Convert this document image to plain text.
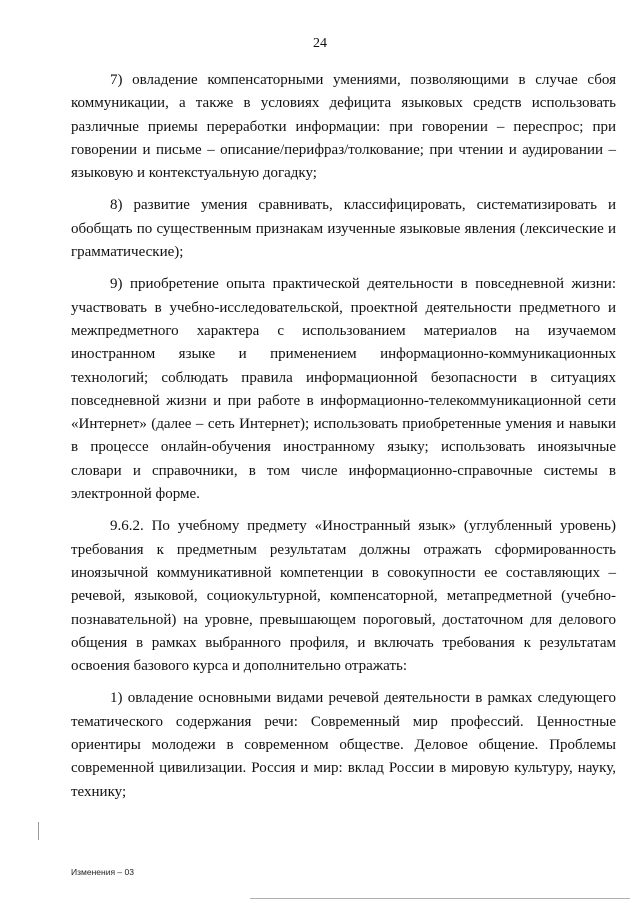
24

7) овладение компенсаторными умениями, позволяющими в случае сбоя коммуникации, а также в условиях дефицита языковых средств использовать различные приемы переработки информации: при говорении – переспрос; при говорении и письме – описание/перифраз/толкование; при чтении и аудировании – языковую и контекстуальную догадку;

8) развитие умения сравнивать, классифицировать, систематизировать и обобщать по существенным признакам изученные языковые явления (лексические и грамматические);

9) приобретение опыта практической деятельности в повседневной жизни: участвовать в учебно-исследовательской, проектной деятельности предметного и межпредметного характера с использованием материалов на изучаемом иностранном языке и применением информационно-коммуникационных технологий; соблюдать правила информационной безопасности в ситуациях повседневной жизни и при работе в информационно-телекоммуникационной сети «Интернет» (далее – сеть Интернет); использовать приобретенные умения и навыки в процессе онлайн-обучения иностранному языку; использовать иноязычные словари и справочники, в том числе информационно-справочные системы в электронной форме.

9.6.2. По учебному предмету «Иностранный язык» (углубленный уровень) требования к предметным результатам должны отражать сформированность иноязычной коммуникативной компетенции в совокупности ее составляющих – речевой, языковой, социокультурной, компенсаторной, метапредметной (учебно-познавательной) на уровне, превышающем пороговый, достаточном для делового общения в рамках выбранного профиля, и включать требования к результатам освоения базового курса и дополнительно отражать:

1) овладение основными видами речевой деятельности в рамках следующего тематического содержания речи: Современный мир профессий. Ценностные ориентиры молодежи в современном обществе. Деловое общение. Проблемы современной цивилизации. Россия и мир: вклад России в мировую культуру, науку, технику;

Изменения – 03
